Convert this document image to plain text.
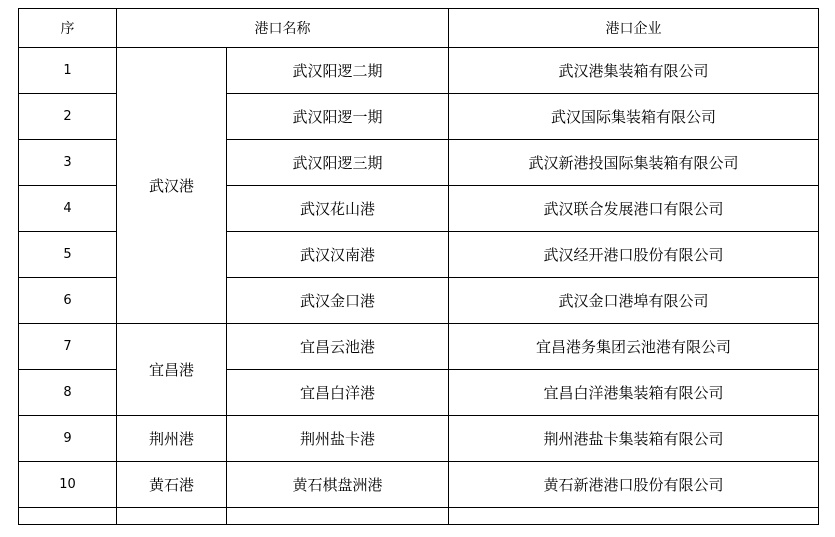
序	港口名称		港口企业
1	武汉港	武汉阳逻二期	武汉港集装箱有限公司
2		武汉阳逻一期	武汉国际集装箱有限公司
3		武汉阳逻三期	武汉新港投国际集装箱有限公司
4		武汉花山港	武汉联合发展港口有限公司
5		武汉汉南港	武汉经开港口股份有限公司
6		武汉金口港	武汉金口港埠有限公司
7	宜昌港	宜昌云池港	宜昌港务集团云池港有限公司
8		宜昌白洋港	宜昌白洋港集装箱有限公司
9	荆州港	荆州盐卡港	荆州港盐卡集装箱有限公司
10	黄石港	黄石棋盘洲港	黄石新港港口股份有限公司
